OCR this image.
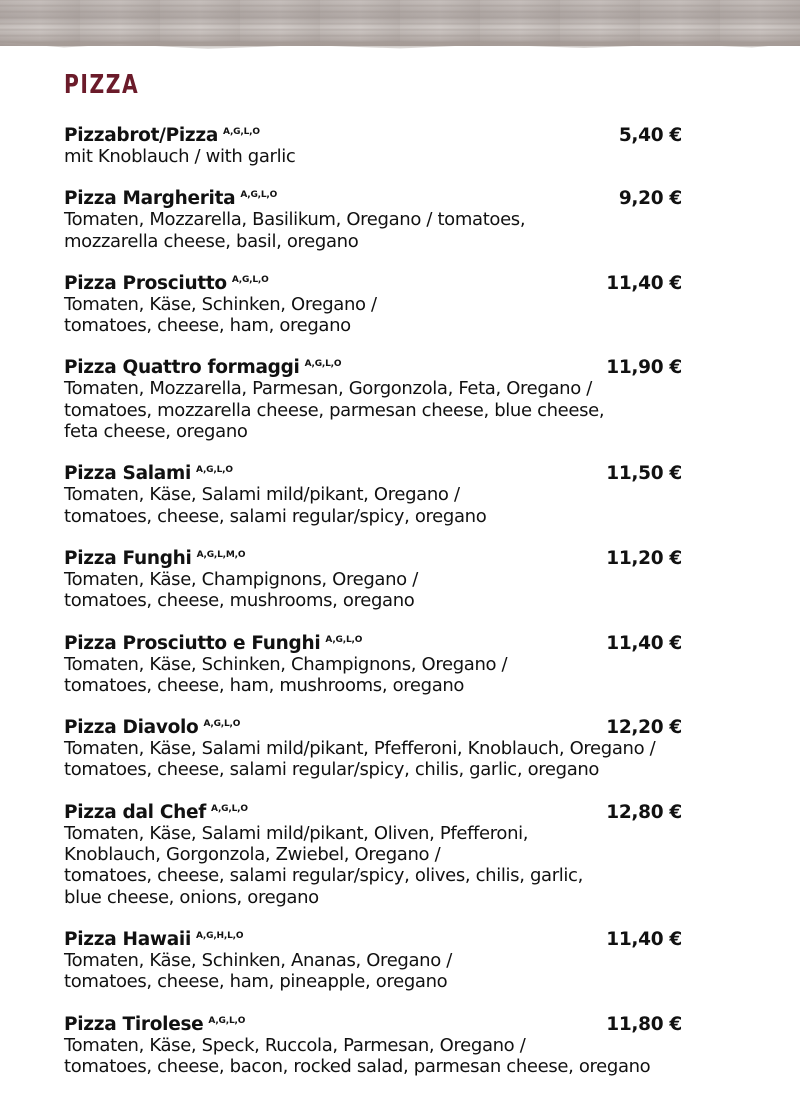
PIZZA
Pizzabrot/Pizza $^{A,G,L,O}$	5,40 €
mit Knoblauch / with garlic
Pizza Margherita $^{A,G,L,O}$	9,20 €
Tomaten, Mozzarella, Basilikum, Oregano / tomatoes,
mozzarella cheese, basil, oregano
Pizza Prosciutto $^{A,G,L,O}$	11,40 €
Tomaten, Käse, Schinken, Oregano /
tomatoes, cheese, ham, oregano
Pizza Quattro formaggi $^{A,G,L,O}$	11,90 €
Tomaten, Mozzarella, Parmesan, Gorgonzola, Feta, Oregano /
tomatoes, mozzarella cheese, parmesan cheese, blue cheese,
feta cheese, oregano
Pizza Salami $^{A,G,L,O}$	11,50 €
Tomaten, Käse, Salami mild/pikant, Oregano /
tomatoes, cheese, salami regular/spicy, oregano
Pizza Funghi $^{A,G,L,M,O}$	11,20 €
Tomaten, Käse, Champignons, Oregano /
tomatoes, cheese, mushrooms, oregano
Pizza Prosciutto e Funghi $^{A,G,L,O}$	11,40 €
Tomaten, Käse, Schinken, Champignons, Oregano /
tomatoes, cheese, ham, mushrooms, oregano
Pizza Diavolo $^{A,G,L,O}$	12,20 €
Tomaten, Käse, Salami mild/pikant, Pfefferoni, Knoblauch, Oregano /
tomatoes, cheese, salami regular/spicy, chilis, garlic, oregano
Pizza dal Chef $^{A,G,L,O}$	12,80 €
Tomaten, Käse, Salami mild/pikant, Oliven, Pfefferoni,
Knoblauch, Gorgonzola, Zwiebel, Oregano /
tomatoes, cheese, salami regular/spicy, olives, chilis, garlic,
blue cheese, onions, oregano
Pizza Hawaii $^{A,G,H,L,O}$	11,40 €
Tomaten, Käse, Schinken, Ananas, Oregano /
tomatoes, cheese, ham, pineapple, oregano
Pizza Tirolese $^{A,G,L,O}$	11,80 €
Tomaten, Käse, Speck, Ruccola, Parmesan, Oregano /
tomatoes, cheese, bacon, rocked salad, parmesan cheese, oregano
